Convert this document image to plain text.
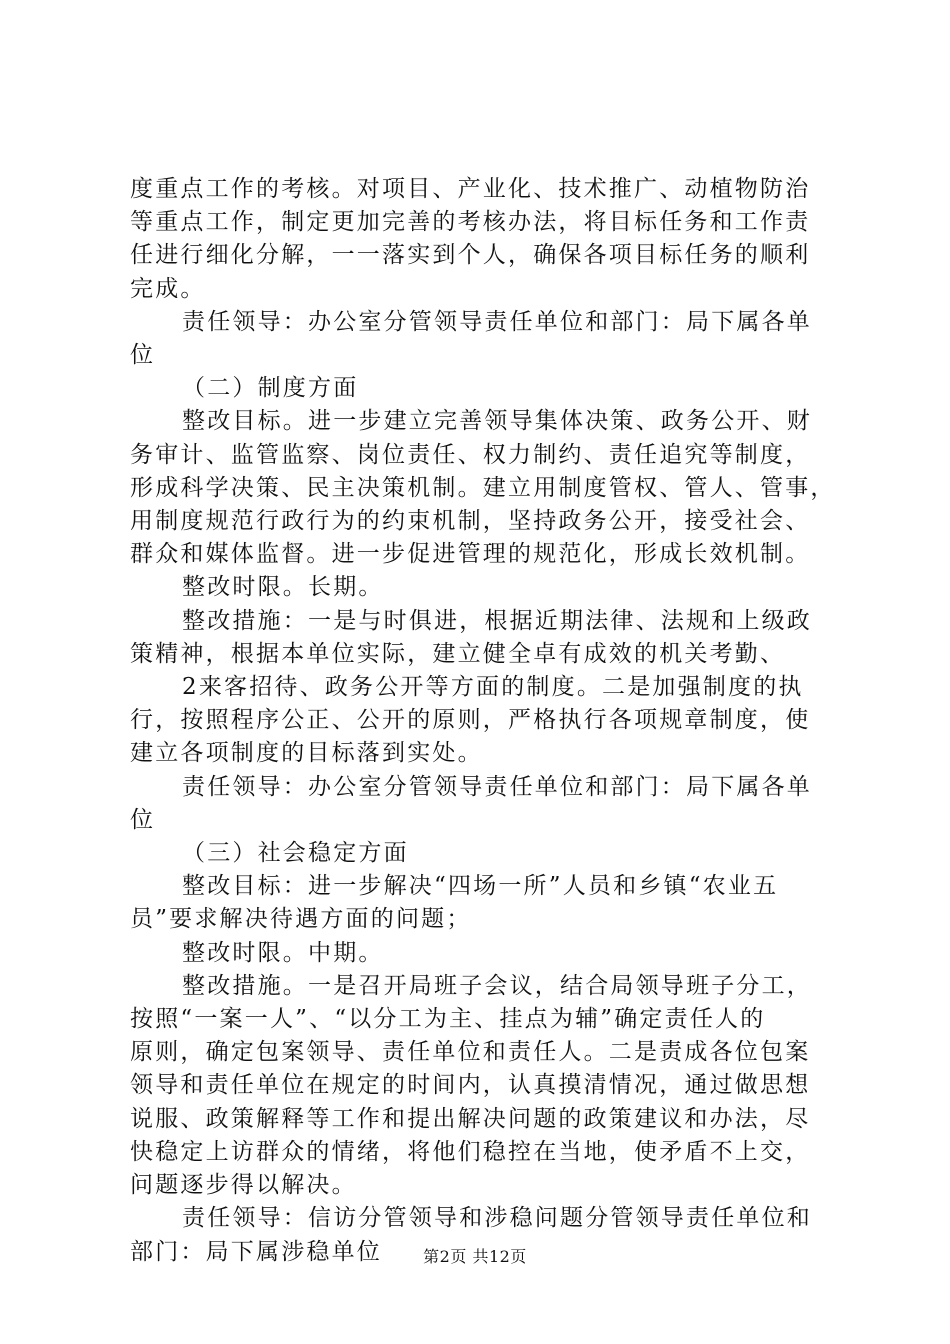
度重点工作的考核。对项目、产业化、技术推广、动植物防治

等重点工作，制定更加完善的考核办法，将目标任务和工作责

任进行细化分解，一一落实到个人，确保各项目标任务的顺利

完成。

责任领导：办公室分管领导责任单位和部门：局下属各单

位

（二）制度方面

整改目标。进一步建立完善领导集体决策、政务公开、财

务审计、监管监察、岗位责任、权力制约、责任追究等制度，

形成科学决策、民主决策机制。建立用制度管权、管人、管事，

用制度规范行政行为的约束机制，坚持政务公开，接受社会、

群众和媒体监督。进一步促进管理的规范化，形成长效机制。

整改时限。长期。

整改措施：一是与时俱进，根据近期法律、法规和上级政

策精神，根据本单位实际，建立健全卓有成效的机关考勤、

2来客招待、政务公开等方面的制度。二是加强制度的执

行，按照程序公正、公开的原则，严格执行各项规章制度，使

建立各项制度的目标落到实处。

责任领导：办公室分管领导责任单位和部门：局下属各单

位

（三）社会稳定方面

整改目标：进一步解决“四场一所”人员和乡镇“农业五

员”要求解决待遇方面的问题；

整改时限。中期。

整改措施。一是召开局班子会议，结合局领导班子分工，

按照“一案一人”、“以分工为主、挂点为辅”确定责任人的

原则，确定包案领导、责任单位和责任人。二是责成各位包案

领导和责任单位在规定的时间内，认真摸清情况，通过做思想

说服、政策解释等工作和提出解决问题的政策建议和办法，尽

快稳定上访群众的情绪，将他们稳控在当地，使矛盾不上交，

问题逐步得以解决。

责任领导：信访分管领导和涉稳问题分管领导责任单位和

部门：局下属涉稳单位	第2页 共12页
